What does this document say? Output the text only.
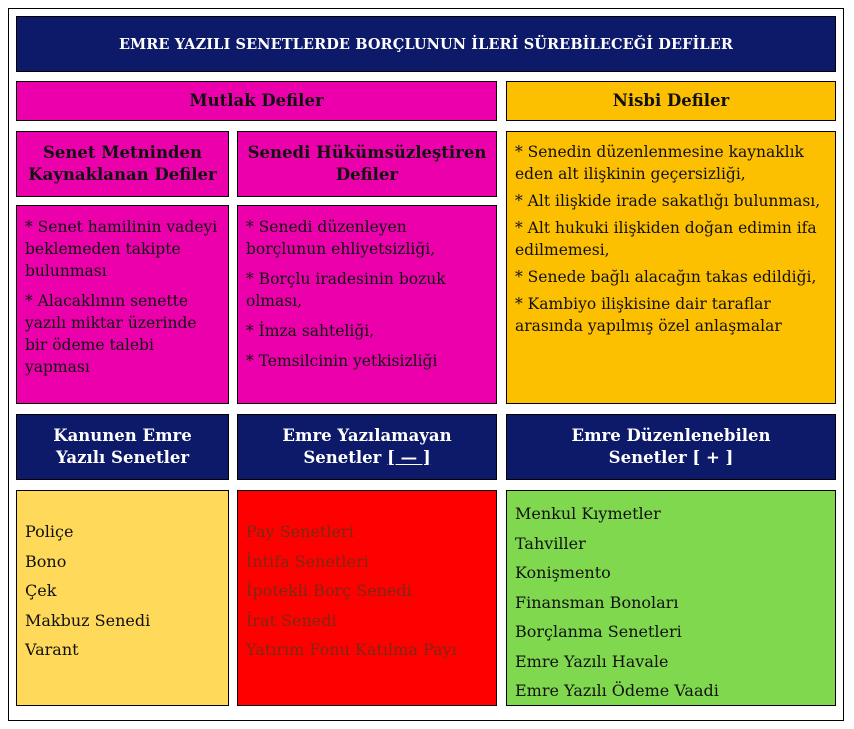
EMRE YAZILI SENETLERDE BORÇLUNUN İLERİ SÜREBİLECEĞİ DEFİLER
Mutlak Defiler	Nisbi Defiler
Senet Metninden
Kaynaklanan Defiler
Senedi Hükümsüzleştiren
Defiler
* Senedin düzenlenmesine kaynaklık eden alt ilişkinin geçersizliği,
* Alt ilişkide irade sakatlığı bulunması,
* Alt hukuki ilişkiden doğan edimin ifa edilmemesi,
* Senede bağlı alacağın takas edildiği,
* Kambiyo ilişkisine dair taraflar arasında yapılmış özel anlaşmalar
* Senet hamilinin vadeyi beklemeden takipte bulunması
* Alacaklının senette yazılı miktar üzerinde bir ödeme talebi yapması
* Senedi düzenleyen borçlunun ehliyetsizliği,
* Borçlu iradesinin bozuk olması,
* İmza sahteliği,
* Temsilcinin yetkisizliği
Kanunen Emre
Yazılı Senetler
Emre Yazılamayan
Senetler [ — ]
Emre Düzenlenebilen
Senetler [ + ]
Poliçe
Bono
Çek
Makbuz Senedi
Varant
Pay Senetleri
İntifa Senetleri
İpotekli Borç Senedi
İrat Senedi
Yatırım Fonu Katılma Payı
Menkul Kıymetler
Tahviller
Konişmento
Finansman Bonoları
Borçlanma Senetleri
Emre Yazılı Havale
Emre Yazılı Ödeme Vaadi
